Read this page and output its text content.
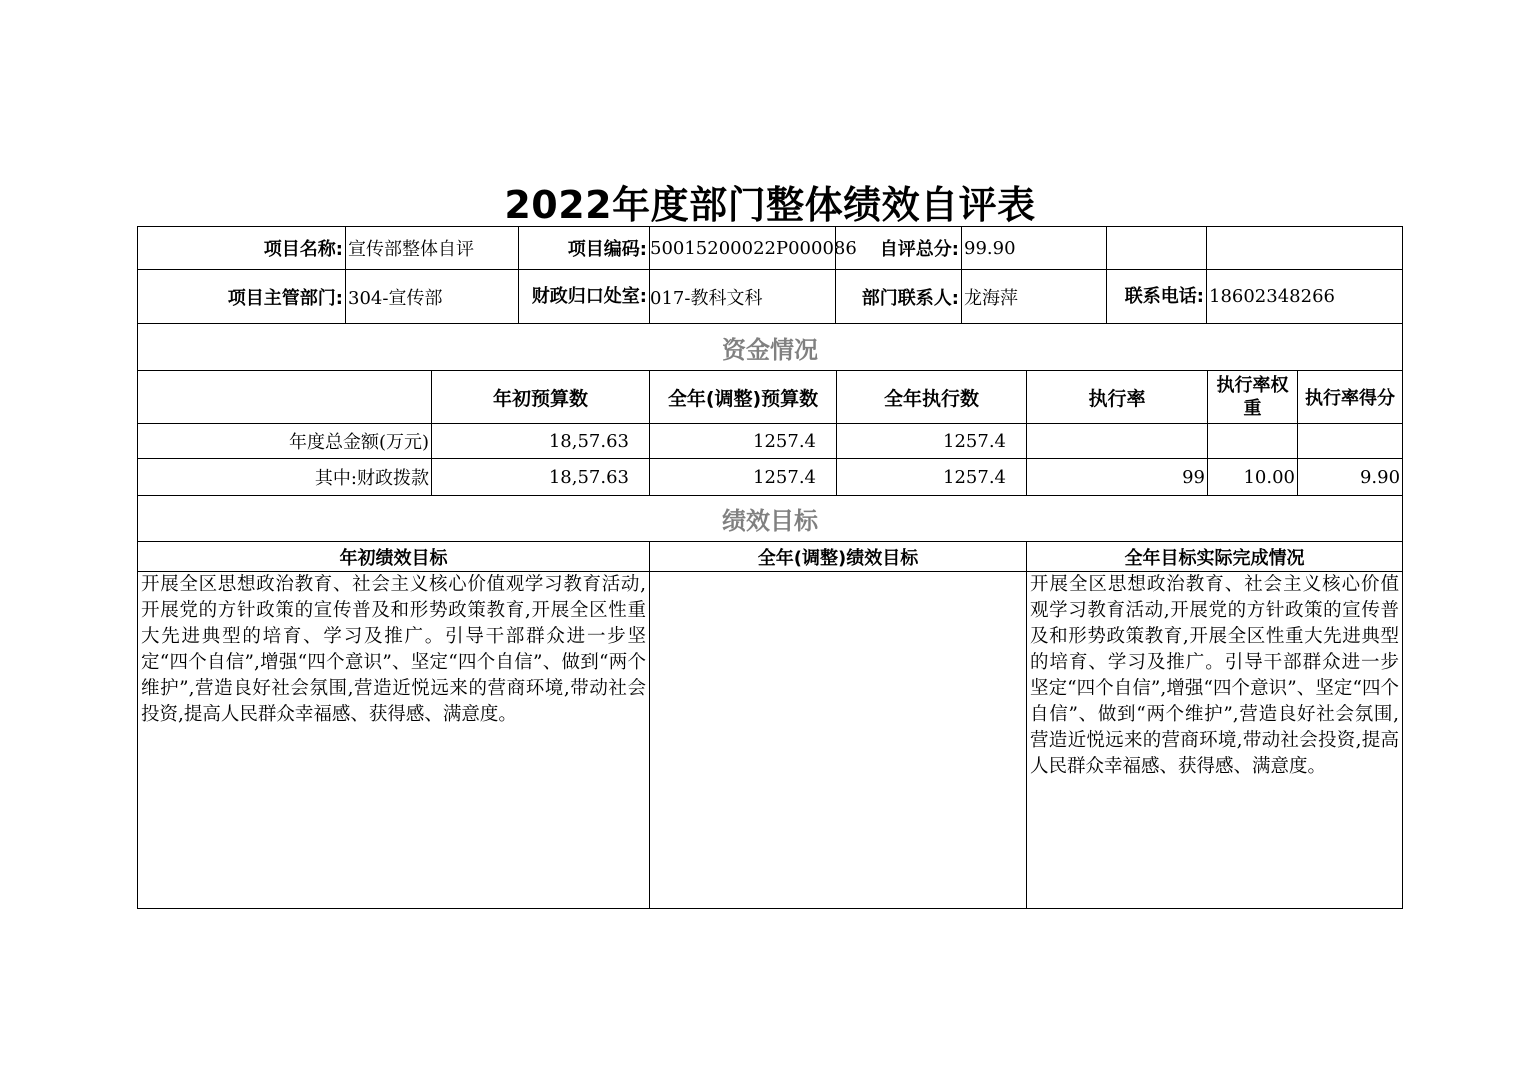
2022年度部门整体绩效自评表
项目名称:	宣传部整体自评	项目编码:	50015200022P000086	自评总分:	99.90		
项目主管部门:	304-宣传部	财政归口处室:	017-教科文科	部门联系人:	龙海萍	联系电话:	18602348266
资金情况						
	年初预算数	全年(调整)预算数	全年执行数	执行率	执行率权重	执行率得分
年度总金额(万元)	18,57.63	1257.4	1257.4			
其中:财政拨款	18,57.63	1257.4	1257.4	99	10.00	9.90
绩效目标		
年初绩效目标	全年(调整)绩效目标	全年目标实际完成情况
开展全区思想政治教育、社会主义核心价值观学习教育活动,开展党的方针政策的宣传普及和形势政策教育,开展全区性重大先进典型的培育、学习及推广。引导干部群众进一步坚定“四个自信”,增强“四个意识”、坚定“四个自信”、做到“两个维护”,营造良好社会氛围,营造近悦远来的营商环境,带动社会投资,提高人民群众幸福感、获得感、满意度。		开展全区思想政治教育、社会主义核心价值观学习教育活动,开展党的方针政策的宣传普及和形势政策教育,开展全区性重大先进典型的培育、学习及推广。引导干部群众进一步坚定“四个自信”,增强“四个意识”、坚定“四个自信”、做到“两个维护”,营造良好社会氛围,营造近悦远来的营商环境,带动社会投资,提高人民群众幸福感、获得感、满意度。
